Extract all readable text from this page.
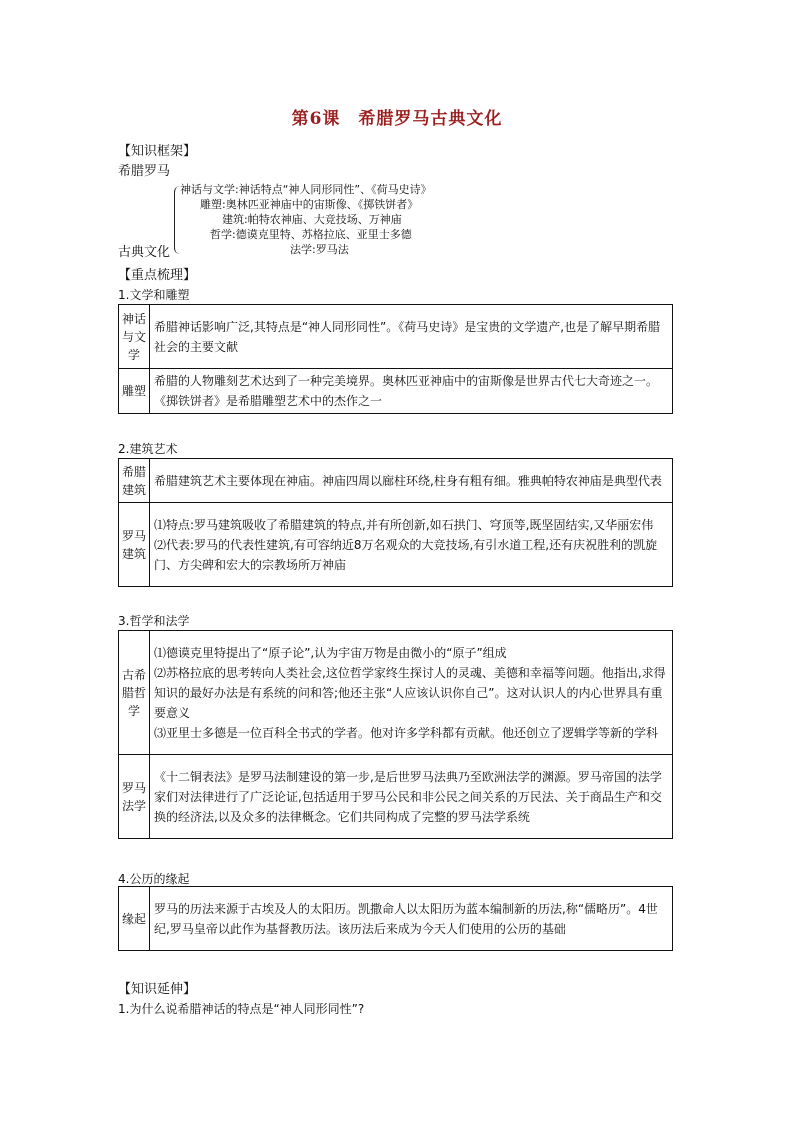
第6课　希腊罗马古典文化
【知识框架】
希腊罗马
神话与文学:神话特点“神人同形同性”、《荷马史诗》
雕塑:奥林匹亚神庙中的宙斯像、《掷铁饼者》
建筑:帕特农神庙、大竞技场、万神庙
哲学:德谟克里特、苏格拉底、亚里士多德
法学:罗马法
古典文化
【重点梳理】
1.文学和雕塑
神话与文学	希腊神话影响广泛,其特点是“神人同形同性”。《荷马史诗》是宝贵的文学遗产,也是了解早期希腊社会的主要文献
雕塑	希腊的人物雕刻艺术达到了一种完美境界。奥林匹亚神庙中的宙斯像是世界古代七大奇迹之一。《掷铁饼者》是希腊雕塑艺术中的杰作之一
2.建筑艺术
希腊建筑	希腊建筑艺术主要体现在神庙。神庙四周以廊柱环绕,柱身有粗有细。雅典帕特农神庙是典型代表
罗马建筑	⑴特点:罗马建筑吸收了希腊建筑的特点,并有所创新,如石拱门、穹顶等,既坚固结实,又华丽宏伟
⑵代表:罗马的代表性建筑,有可容纳近8万名观众的大竞技场,有引水道工程,还有庆祝胜利的凯旋门、方尖碑和宏大的宗教场所万神庙
3.哲学和法学
古希腊哲学	⑴德谟克里特提出了“原子论”,认为宇宙万物是由微小的“原子”组成
⑵苏格拉底的思考转向人类社会,这位哲学家终生探讨人的灵魂、美德和幸福等问题。他指出,求得知识的最好办法是有系统的问和答;他还主张“人应该认识你自己”。这对认识人的内心世界具有重要意义
⑶亚里士多德是一位百科全书式的学者。他对许多学科都有贡献。他还创立了逻辑学等新的学科

罗马法学	《十二铜表法》是罗马法制建设的第一步,是后世罗马法典乃至欧洲法学的渊源。罗马帝国的法学家们对法律进行了广泛论证,包括适用于罗马公民和非公民之间关系的万民法、关于商品生产和交换的经济法,以及众多的法律概念。它们共同构成了完整的罗马法学系统
4.公历的缘起
缘起	罗马的历法来源于古埃及人的太阳历。凯撒命人以太阳历为蓝本编制新的历法,称“儒略历”。4世纪,罗马皇帝以此作为基督教历法。该历法后来成为今天人们使用的公历的基础
【知识延伸】
1.为什么说希腊神话的特点是“神人同形同性”?
